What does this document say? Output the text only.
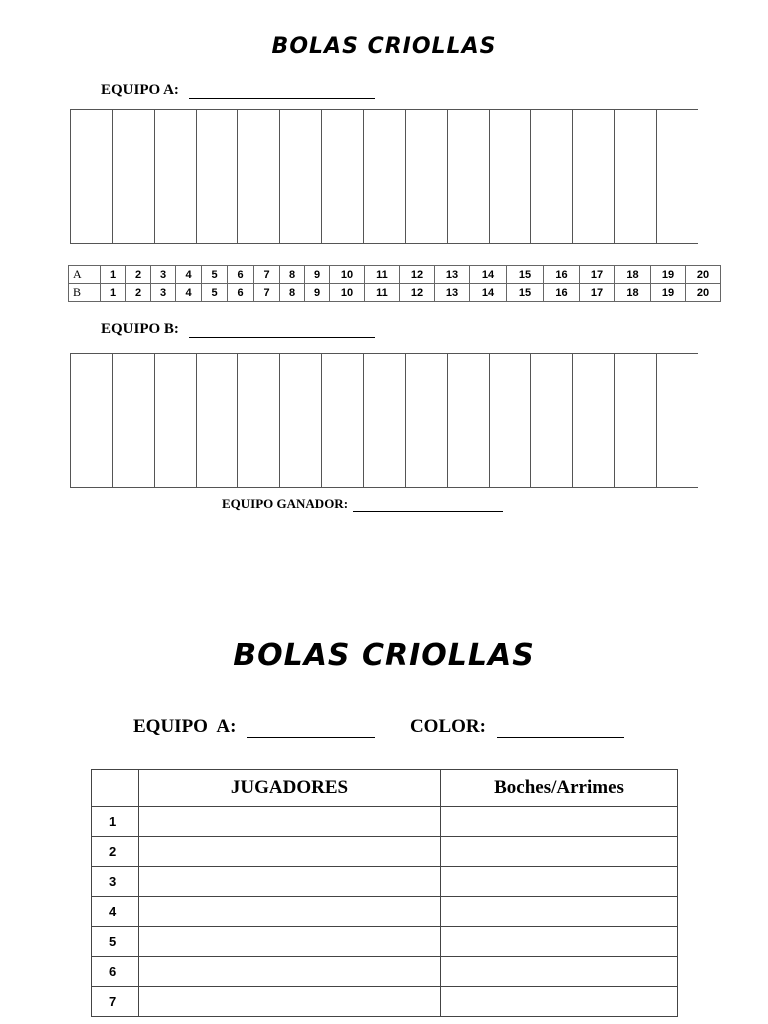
BOLAS CRIOLLAS
EQUIPO A:
A	1	2	3	4	5	6	7	8	9	10	11	12	13	14	15	16	17	18	19	20
B	1	2	3	4	5	6	7	8	9	10	11	12	13	14	15	16	17	18	19	20
EQUIPO B:
EQUIPO GANADOR:
BOLAS CRIOLLAS
EQUIPO  A:	COLOR:
	JUGADORES	Boches/Arrimes
1		
2		
3		
4		
5		
6		
7		
